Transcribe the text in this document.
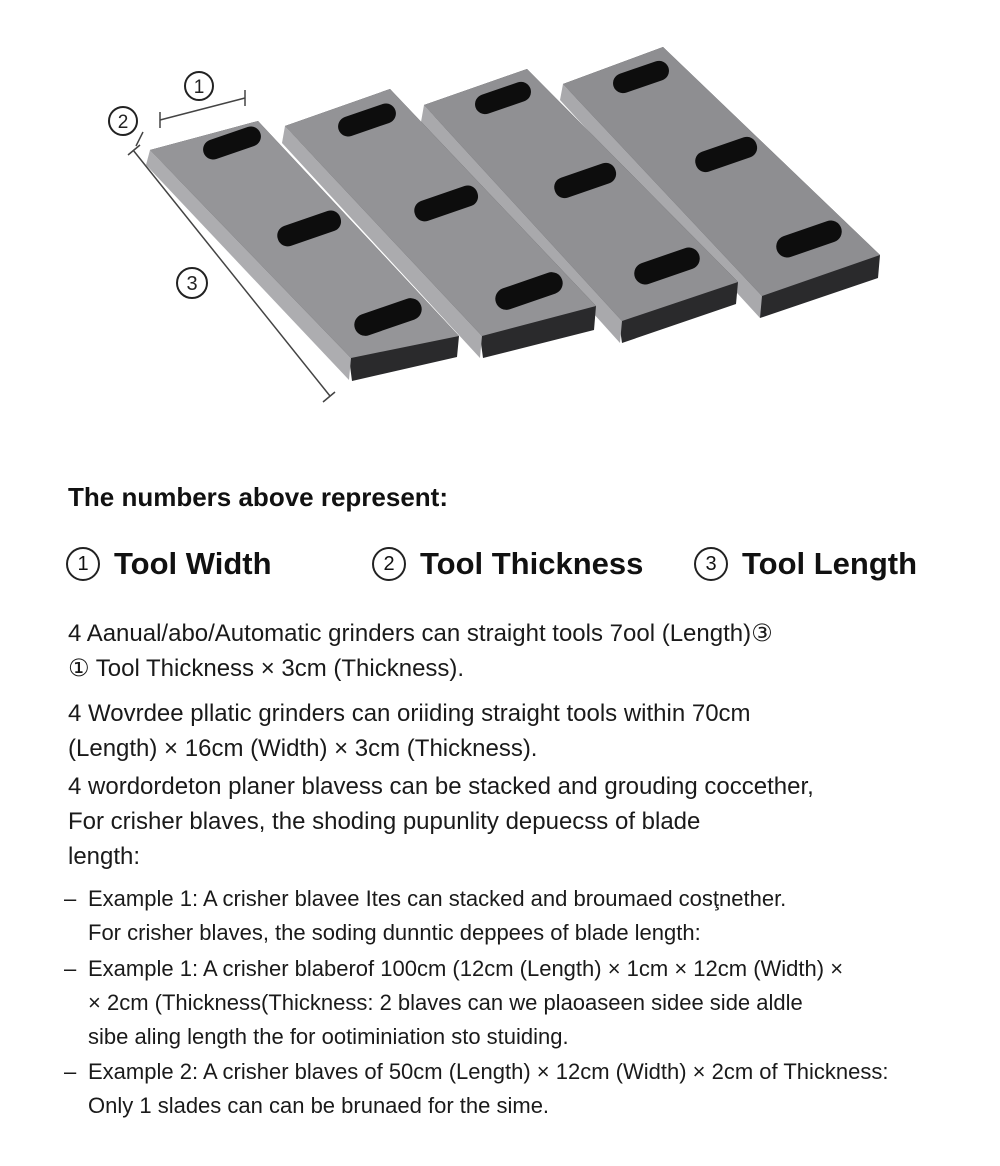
1
2
3
The numbers above represent:
1 Tool Width	2 Tool Thickness	3 Tool Length

4 Aanual/abo/Automatic grinders can straight tools 7ool (Length)③
① Tool Thickness × 3cm (Thickness).

4 Wovrdee pllatic grinders can oriiding straight tools within 70cm
(Length) × 16cm (Width) × 3cm (Thickness).

4 wordordeton planer blavess can be stacked and grouding coccether,
For crisher blaves, the shoding pupunlity depuecss of blade
length:

– Example 1: A crisher blavee Ites can stacked and broumaed cosţnether.
For crisher blaves, the soding dunntic deppees of blade length:

– Example 1: A crisher blaberof 100cm (12cm (Length) × 1cm × 12cm (Width) ×
× 2cm (Thickness(Thickness: 2 blaves can we plaoaseen sidee side aldle
sibe aling length the for ootiminiation sto stuiding.

– Example 2: A crisher blaves of 50cm (Length) × 12cm (Width) × 2cm of Thickness:
Only 1 slades can can be brunaed for the sime.
